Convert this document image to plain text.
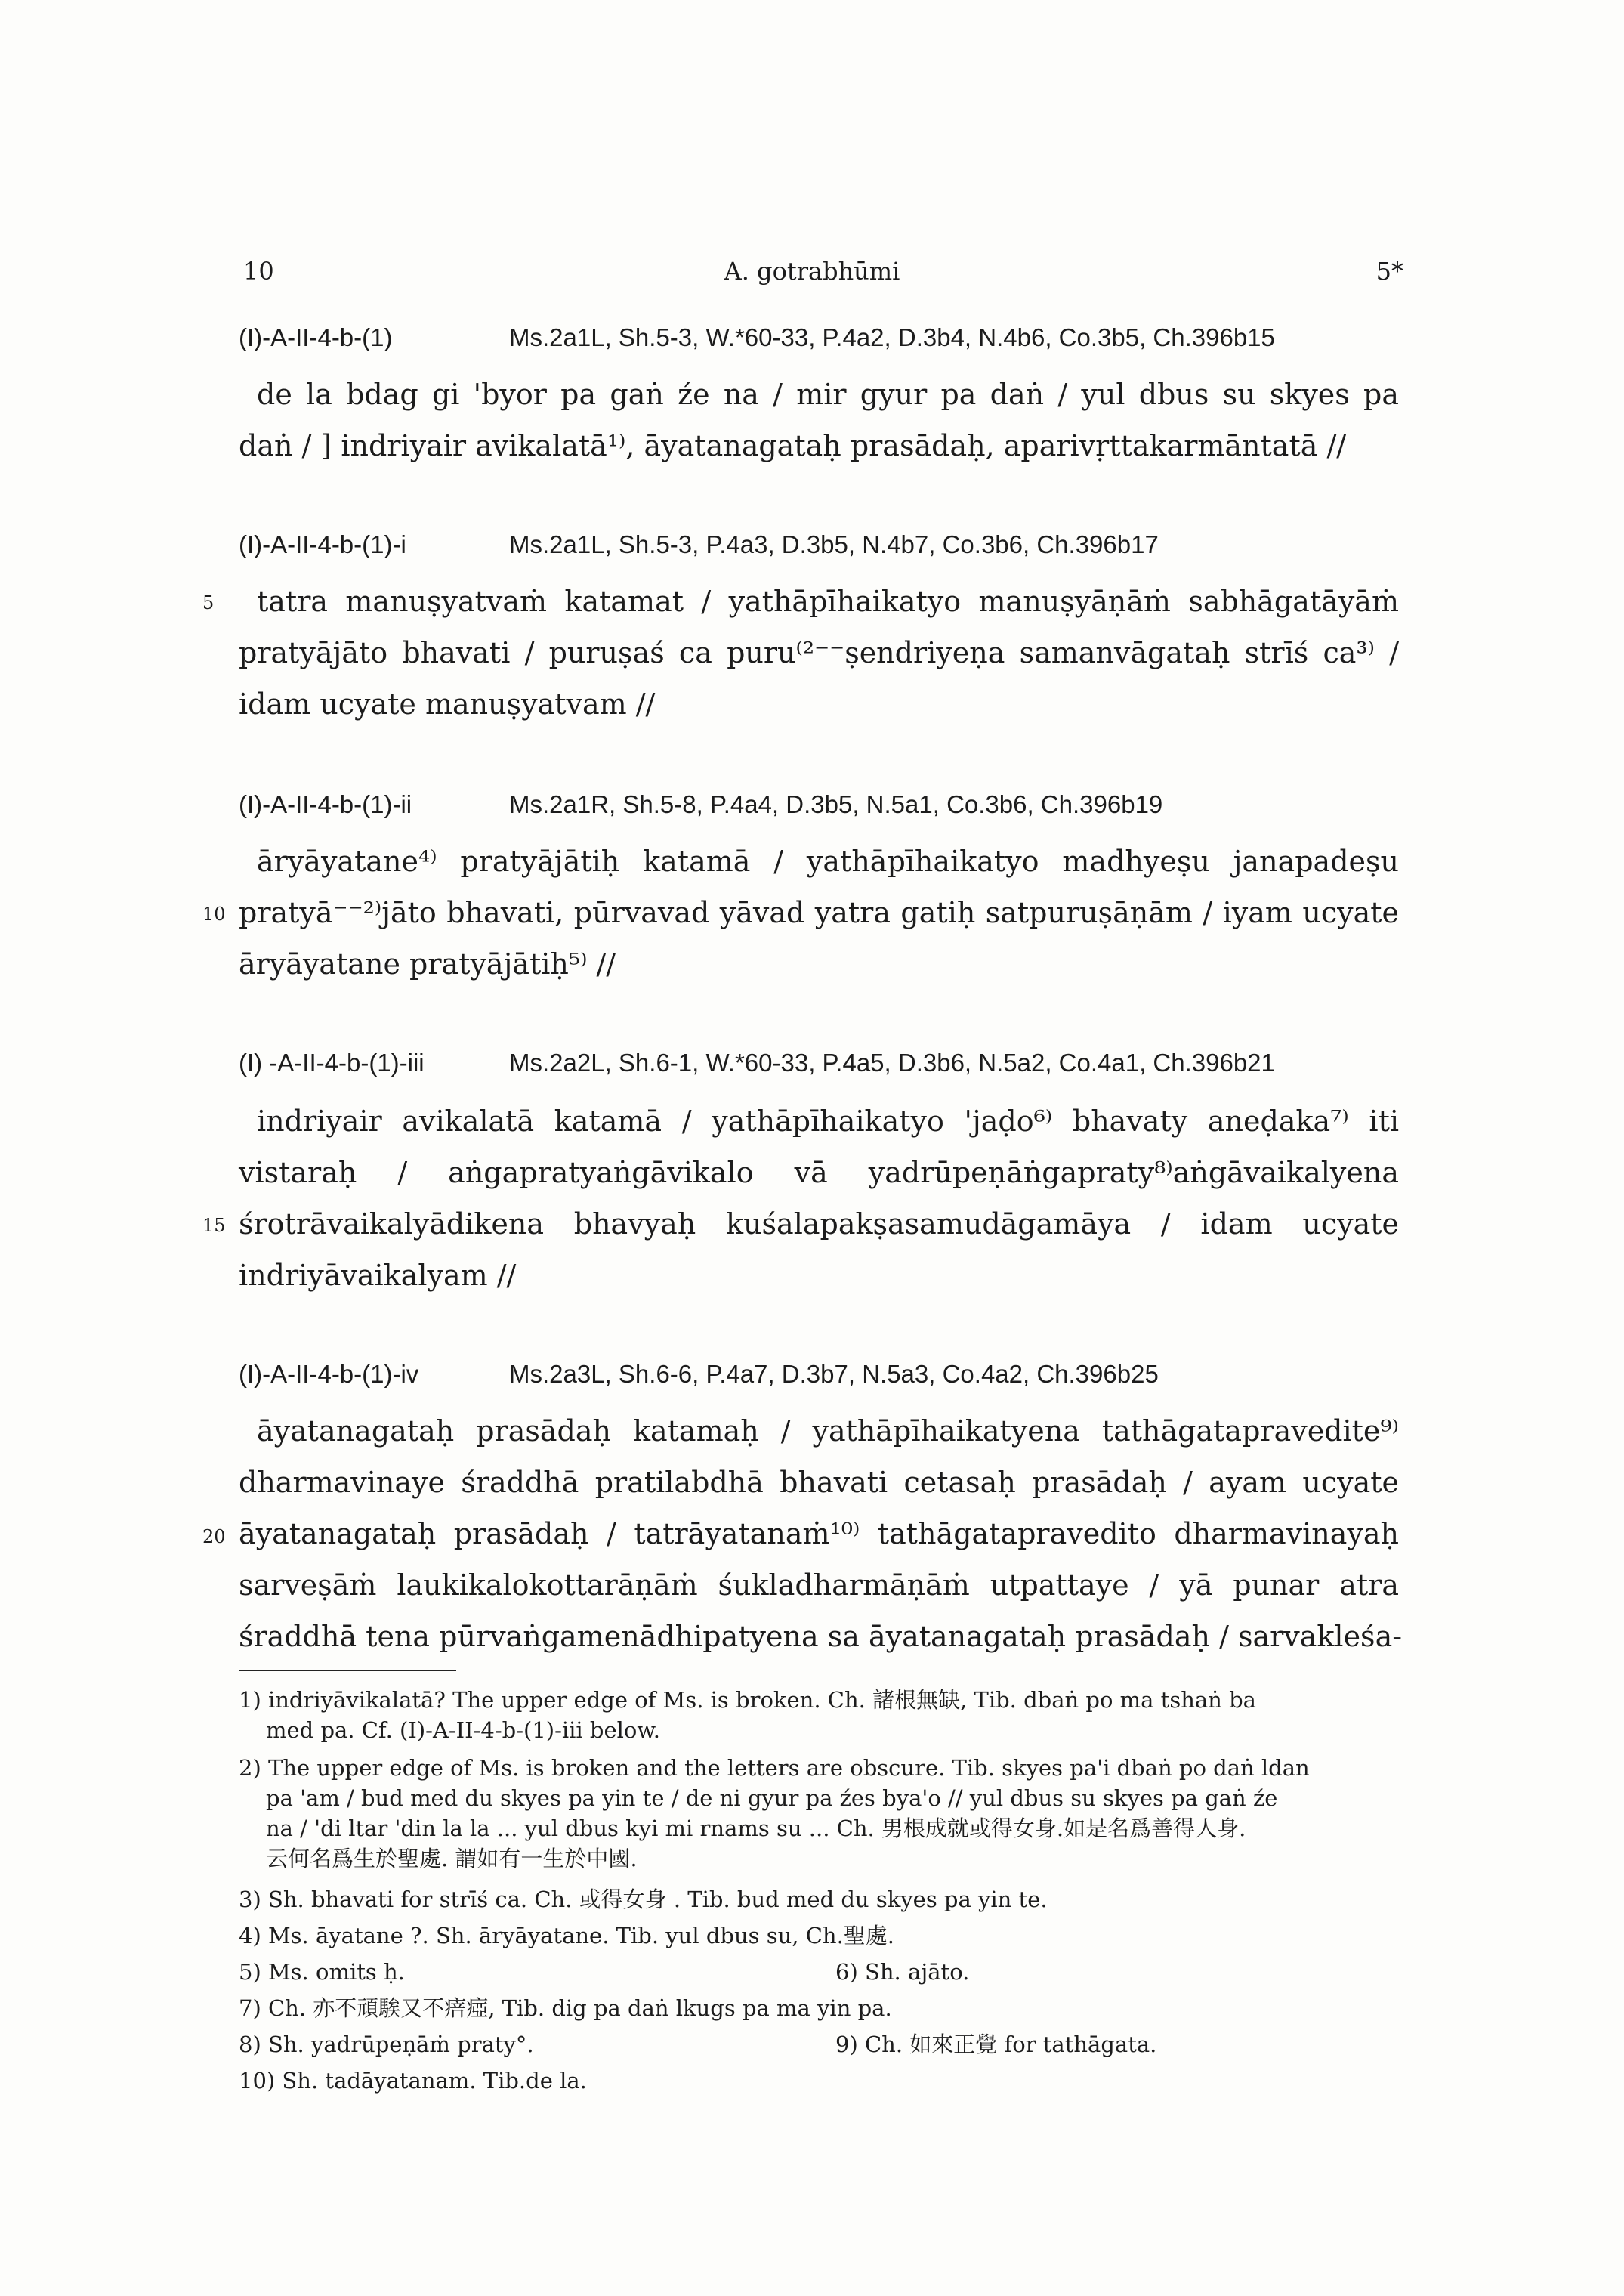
10	A. gotrabhūmi	5*
(I)-A-II-4-b-(1)	Ms.2a1L, Sh.5-3, W.*60-33, P.4a2, D.3b4, N.4b6, Co.3b5, Ch.396b15
de la bdag gi 'byor pa gaṅ źe na / mir gyur pa daṅ / yul dbus su skyes pa
daṅ / ] indriyair avikalatā¹⁾, āyatanagataḥ prasādaḥ, aparivṛttakarmāntatā //
(I)-A-II-4-b-(1)-i	Ms.2a1L, Sh.5-3, P.4a3, D.3b5, N.4b7, Co.3b6, Ch.396b17
5	tatra manuṣyatvaṁ katamat / yathāpīhaikatyo manuṣyāṇāṁ sabhāgatāyāṁ
pratyājāto bhavati / puruṣaś ca puru⁽²⁻⁻ṣendriyeṇa samanvāgataḥ strīś ca³⁾ /
idam ucyate manuṣyatvam //
(I)-A-II-4-b-(1)-ii	Ms.2a1R, Sh.5-8, P.4a4, D.3b5, N.5a1, Co.3b6, Ch.396b19
10
āryāyatane⁴⁾ pratyājātiḥ katamā / yathāpīhaikatyo madhyeṣu janapadeṣu
pratyā⁻⁻²⁾jāto bhavati, pūrvavad yāvad yatra gatiḥ satpuruṣāṇām / iyam ucyate
āryāyatane pratyājātiḥ⁵⁾ //
(I) -A-II-4-b-(1)-iii	Ms.2a2L, Sh.6-1, W.*60-33, P.4a5, D.3b6, N.5a2, Co.4a1, Ch.396b21
15
indriyair avikalatā katamā / yathāpīhaikatyo 'jaḍo⁶⁾ bhavaty aneḍaka⁷⁾ iti
vistaraḥ / aṅgapratyaṅgāvikalo vā yadrūpeṇāṅgapraty⁸⁾aṅgāvaikalyena
śrotrāvaikalyādikena bhavyaḥ kuśalapakṣasamudāgamāya / idam ucyate
indriyāvaikalyam //
(I)-A-II-4-b-(1)-iv	Ms.2a3L, Sh.6-6, P.4a7, D.3b7, N.5a3, Co.4a2, Ch.396b25
20
āyatanagataḥ prasādaḥ katamaḥ / yathāpīhaikatyena tathāgatapravedite⁹⁾
dharmavinaye śraddhā pratilabdhā bhavati cetasaḥ prasādaḥ / ayam ucyate
āyatanagataḥ prasādaḥ / tatrāyatanaṁ¹⁰⁾ tathāgatapravedito dharmavinayaḥ
sarveṣāṁ laukikalokottarāṇāṁ śukladharmāṇāṁ utpattaye / yā punar atra
śraddhā tena pūrvaṅgamenādhipatyena sa āyatanagataḥ prasādaḥ / sarvakleśa-
1) indriyāvikalatā? The upper edge of Ms. is broken. Ch. 諸根無缺, Tib. dbaṅ po ma tshaṅ ba
med pa. Cf. (I)-A-II-4-b-(1)-iii below.
2) The upper edge of Ms. is broken and the letters are obscure. Tib. skyes pa'i dbaṅ po daṅ ldan
pa 'am / bud med du skyes pa yin te / de ni gyur pa źes bya'o // yul dbus su skyes pa gaṅ źe
na / 'di ltar 'din la la ... yul dbus kyi mi rnams su ... Ch. 男根成就或得女身.如是名爲善得人身.
云何名爲生於聖處. 謂如有一生於中國.
3) Sh. bhavati for strīś ca. Ch. 或得女身 . Tib. bud med du skyes pa yin te.
4) Ms. āyatane ?. Sh. āryāyatane. Tib. yul dbus su, Ch.聖處.
5) Ms. omits ḥ.	6) Sh. ajāto.
7) Ch. 亦不頑騃又不瘖瘂, Tib. dig pa daṅ lkugs pa ma yin pa.
8) Sh. yadrūpeṇāṁ praty°.	9) Ch. 如來正覺 for tathāgata.
10) Sh. tadāyatanam. Tib.de la.
